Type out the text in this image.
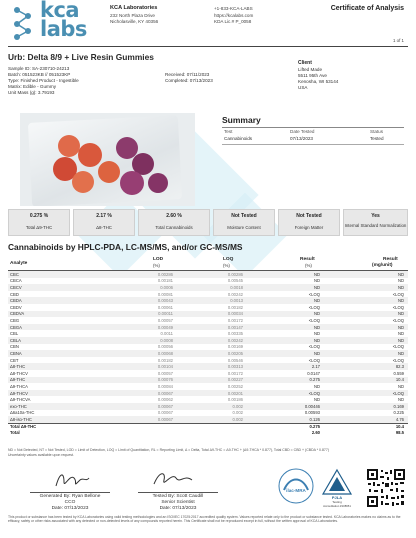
kca
labs
KCA Laboratories
232 North Plaza Drive
Nicholasville, KY 40356
+1-833-KCA-LABS
https://kcalabs.com
KDA Lic.# P_0058
Certificate of Analysis
1 of 1
Urb: Delta 8/9 + Live Resin Gummies
Sample ID: SA-230710-24213
Batch: 051523KB // 051523KP
Type: Finished Product - Ingestible
Matrix: Edible - Gummy
Unit Mass (g): 3.79193
Received: 07/11/2023
Completed: 07/13/2023
Client
Lifted Made
5511 95th Ave
Kenosha, WI 53144
USA
Summary
Test	Date Tested	Status
Cannabinoids	07/13/2023	Tested
0.275 %
Total Δ9-THC
2.17 %
Δ8-THC
2.60 %
Total Cannabinoids
Not Tested
Moisture Content
Not Tested
Foreign Matter
Yes
Internal Standard Normalization
Cannabinoids by HPLC-PDA, LC-MS/MS, and/or GC-MS/MS
Analyte
LOD
(%)
LOQ
(%)
Result
(%)
Result
(mg/unit)
CBC	0.00286	0.00286	ND	ND
CBCA	0.00181	0.00545	ND	ND
CBCV	0.0006	0.0018	ND	ND
CBD	0.00081	0.00242	<LOQ	<LOQ
CBDA	0.00043	0.0013	ND	ND
CBDV	0.00061	0.00182	<LOQ	<LOQ
CBDVA	0.00011	0.00034	ND	ND
CBG	0.00057	0.00172	<LOQ	<LOQ
CBGA	0.00049	0.00147	ND	ND
CBL	0.0011	0.00335	ND	ND
CBLA	0.0008	0.00242	ND	ND
CBN	0.00056	0.00169	<LOQ	<LOQ
CBNA	0.00068	0.00205	ND	ND
CBT	0.00182	0.00546	<LOQ	<LOQ
Δ8-THC	0.00104	0.00313	2.17	82.3
Δ8-THCV	0.00057	0.00172	0.0147	0.559
Δ9-THC	0.00076	0.00227	0.275	10.4
Δ9-THCA	0.00084	0.00252	ND	ND
Δ9-THCV	0.00067	0.00201	<LOQ	<LOQ
Δ9-THCVA	0.00062	0.00186	ND	ND
exo-THC	0.00067	0.002	0.00446	0.169
Δ6a10a-THC	0.00067	0.002	0.00593	0.225
Δ8-iso-THC	0.00067	0.002	0.126	4.76
Total Δ9-THC	0.275	10.4
Total	2.60	98.5
ND = Not Detected, NT = Not Tested, LOD = Limit of Detection, LOQ = Limit of Quantitation, RL = Reporting Limit, Δ = Delta, Total Δ9-THC = Δ9-THC + (Δ9-THCA * 0.877), Total CBD = CBD + (CBDA * 0.877)
Uncertainty values available upon request.
Generated By: Ryan Bellone
CCO
Date: 07/13/2023
Tested By: Scott Caudill
Senior Scientist
Date: 07/13/2023
ilac-MRA
PJLA
Testing
Accreditation #108651
This product or substance has been tested by KCA Laboratories using valid testing methodologies and an ISO/IEC 17025:2017 accredited quality system. Values reported relate only to the product or substance tested. KCA Laboratories makes no claims as to the efficacy, safety or other risks associated with any detected or non-detected levels of any compounds reported herein. This Certificate shall not be reproduced except in full, without the written approval of KCA Laboratories.
